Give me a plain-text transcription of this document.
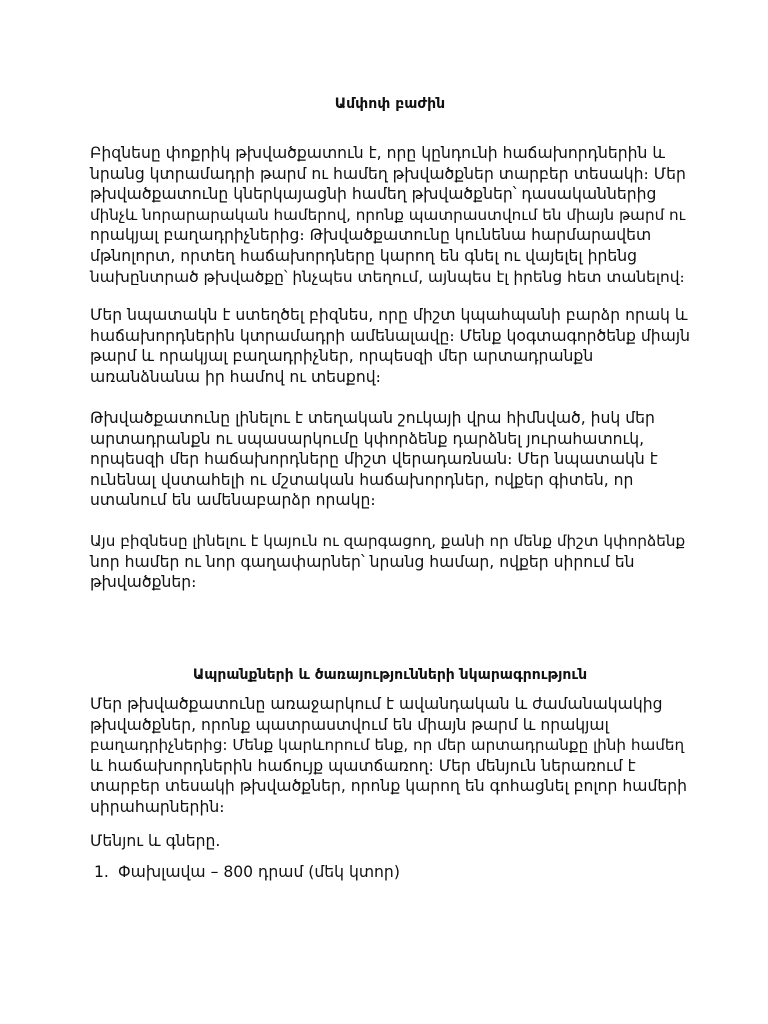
Ամփոփ բաժին
Բիզնեսը փոքրիկ թխվածքատուն է, որը կընդունի հաճախորդներին և
նրանց կտրամադրի թարմ ու համեղ թխվածքներ տարբեր տեսակի։ Մեր
թխվածքատունը կներկայացնի համեղ թխվածքներ՝ դասականներից
մինչև նորարարական համերով, որոնք պատրաստվում են միայն թարմ ու
որակյալ բաղադրիչներից։ Թխվածքատունը կունենա հարմարավետ
մթնոլորտ, որտեղ հաճախորդները կարող են գնել ու վայելել իրենց
նախընտրած թխվածքը՝ ինչպես տեղում, այնպես էլ իրենց հետ տանելով։
Մեր նպատակն է ստեղծել բիզնես, որը միշտ կպահպանի բարձր որակ և
հաճախորդներին կտրամադրի ամենալավը։ Մենք կօգտագործենք միայն
թարմ և որակյալ բաղադրիչներ, որպեսզի մեր արտադրանքն
առանձնանա իր համով ու տեսքով։
Թխվածքատունը լինելու է տեղական շուկայի վրա հիմնված, իսկ մեր
արտադրանքն ու սպասարկումը կփորձենք դարձնել յուրահատուկ,
որպեսզի մեր հաճախորդները միշտ վերադառնան։ Մեր նպատակն է
ունենալ վստահելի ու մշտական հաճախորդներ, ովքեր գիտեն, որ
ստանում են ամենաբարձր որակը։
Այս բիզնեսը լինելու է կայուն ու զարգացող, քանի որ մենք միշտ կփորձենք
նոր համեր ու նոր գաղափարներ՝ նրանց համար, ովքեր սիրում են
թխվածքներ։
Ապրանքների և ծառայությունների նկարագրություն
Մեր թխվածքատունը առաջարկում է ավանդական և ժամանակակից
թխվածքներ, որոնք պատրաստվում են միայն թարմ և որակյալ
բաղադրիչներից: Մենք կարևորում ենք, որ մեր արտադրանքը լինի համեղ
և հաճախորդներին հաճույք պատճառող: Մեր մենյուն ներառում է
տարբեր տեսակի թխվածքներ, որոնք կարող են գոհացնել բոլոր համերի
սիրահարներին։
Մենյու և գները.
1. Փախլավա – 800 դրամ (մեկ կտոր)
